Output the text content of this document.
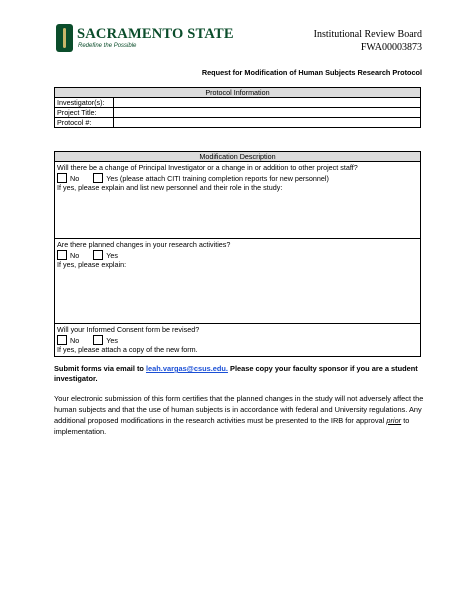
SACRAMENTO STATE
Redefine the Possible
Institutional Review Board
FWA00003873
Request for Modification of Human Subjects Research Protocol
Protocol Information	
Investigator(s):	
Project Title:	
Protocol #:	
Modification Description

Will there be a change of Principal Investigator or a change in or addition to other project staff?
No	Yes (please attach CITI training completion reports for new personnel)
If yes, please explain and list new personnel and their role in the study:

Are there planned changes in your research activities?
No	Yes
If yes, please explain:

Will your Informed Consent form be revised?
No	Yes
If yes, please attach a copy of the new form.
Submit forms via email to leah.vargas@csus.edu. Please copy your faculty sponsor if you are a student investigator.
Your electronic submission of this form certifies that the planned changes in the study will not adversely affect the human subjects and that the use of human subjects is in accordance with federal and University regulations. Any additional proposed modifications in the research activities must be presented to the IRB for approval prior to implementation.
